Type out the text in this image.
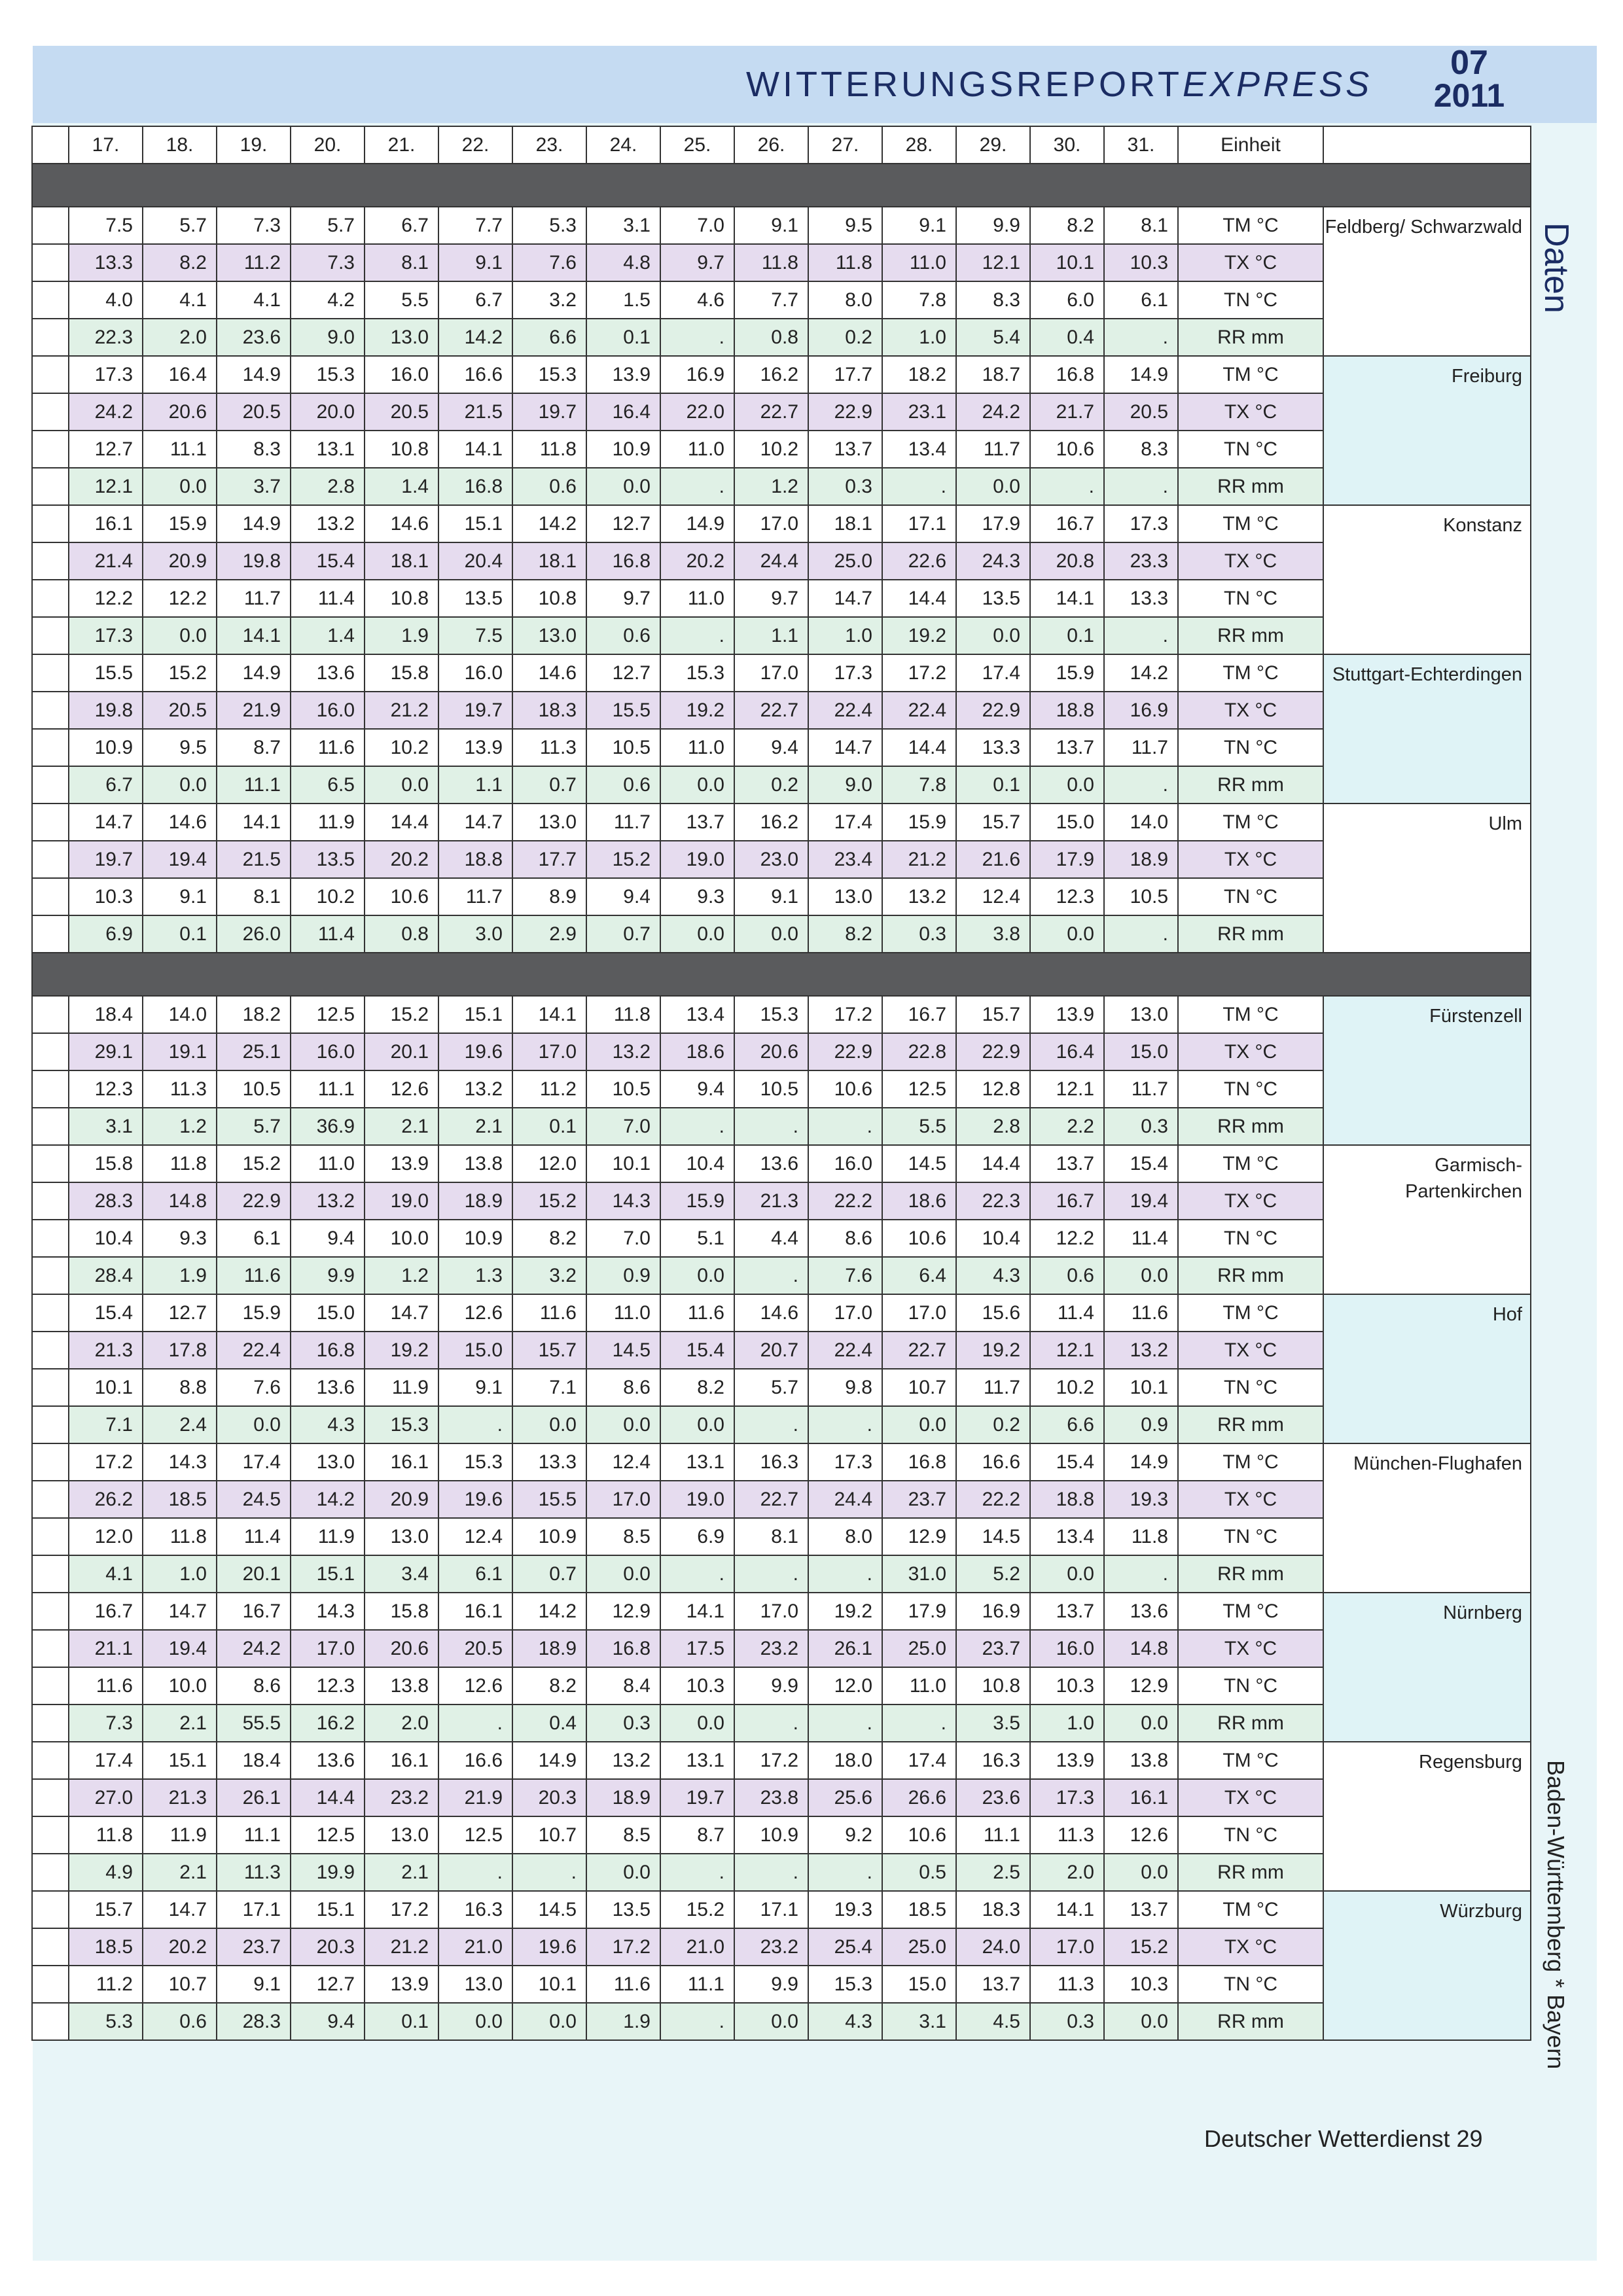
WITTERUNGSREPORTEXPRESS
07
2011
	17.	18.	19.	20.	21.	22.	23.	24.	25.	26.	27.	28.	29.	30.	31.	Einheit	

	7.5	5.7	7.3	5.7	6.7	7.7	5.3	3.1	7.0	9.1	9.5	9.1	9.9	8.2	8.1	TM °C	Feldberg/ Schwarzwald
	13.3	8.2	11.2	7.3	8.1	9.1	7.6	4.8	9.7	11.8	11.8	11.0	12.1	10.1	10.3	TX °C	
	4.0	4.1	4.1	4.2	5.5	6.7	3.2	1.5	4.6	7.7	8.0	7.8	8.3	6.0	6.1	TN °C	
	22.3	2.0	23.6	9.0	13.0	14.2	6.6	0.1	.	0.8	0.2	1.0	5.4	0.4	.	RR mm	
	17.3	16.4	14.9	15.3	16.0	16.6	15.3	13.9	16.9	16.2	17.7	18.2	18.7	16.8	14.9	TM °C	Freiburg
	24.2	20.6	20.5	20.0	20.5	21.5	19.7	16.4	22.0	22.7	22.9	23.1	24.2	21.7	20.5	TX °C	
	12.7	11.1	8.3	13.1	10.8	14.1	11.8	10.9	11.0	10.2	13.7	13.4	11.7	10.6	8.3	TN °C	
	12.1	0.0	3.7	2.8	1.4	16.8	0.6	0.0	.	1.2	0.3	.	0.0	.	.	RR mm	
	16.1	15.9	14.9	13.2	14.6	15.1	14.2	12.7	14.9	17.0	18.1	17.1	17.9	16.7	17.3	TM °C	Konstanz
	21.4	20.9	19.8	15.4	18.1	20.4	18.1	16.8	20.2	24.4	25.0	22.6	24.3	20.8	23.3	TX °C	
	12.2	12.2	11.7	11.4	10.8	13.5	10.8	9.7	11.0	9.7	14.7	14.4	13.5	14.1	13.3	TN °C	
	17.3	0.0	14.1	1.4	1.9	7.5	13.0	0.6	.	1.1	1.0	19.2	0.0	0.1	.	RR mm	
	15.5	15.2	14.9	13.6	15.8	16.0	14.6	12.7	15.3	17.0	17.3	17.2	17.4	15.9	14.2	TM °C	Stuttgart-Echterdingen
	19.8	20.5	21.9	16.0	21.2	19.7	18.3	15.5	19.2	22.7	22.4	22.4	22.9	18.8	16.9	TX °C	
	10.9	9.5	8.7	11.6	10.2	13.9	11.3	10.5	11.0	9.4	14.7	14.4	13.3	13.7	11.7	TN °C	
	6.7	0.0	11.1	6.5	0.0	1.1	0.7	0.6	0.0	0.2	9.0	7.8	0.1	0.0	.	RR mm	
	14.7	14.6	14.1	11.9	14.4	14.7	13.0	11.7	13.7	16.2	17.4	15.9	15.7	15.0	14.0	TM °C	Ulm
	19.7	19.4	21.5	13.5	20.2	18.8	17.7	15.2	19.0	23.0	23.4	21.2	21.6	17.9	18.9	TX °C	
	10.3	9.1	8.1	10.2	10.6	11.7	8.9	9.4	9.3	9.1	13.0	13.2	12.4	12.3	10.5	TN °C	
	6.9	0.1	26.0	11.4	0.8	3.0	2.9	0.7	0.0	0.0	8.2	0.3	3.8	0.0	.	RR mm	

	18.4	14.0	18.2	12.5	15.2	15.1	14.1	11.8	13.4	15.3	17.2	16.7	15.7	13.9	13.0	TM °C	Fürstenzell
	29.1	19.1	25.1	16.0	20.1	19.6	17.0	13.2	18.6	20.6	22.9	22.8	22.9	16.4	15.0	TX °C	
	12.3	11.3	10.5	11.1	12.6	13.2	11.2	10.5	9.4	10.5	10.6	12.5	12.8	12.1	11.7	TN °C	
	3.1	1.2	5.7	36.9	2.1	2.1	0.1	7.0	.	.	.	5.5	2.8	2.2	0.3	RR mm	
	15.8	11.8	15.2	11.0	13.9	13.8	12.0	10.1	10.4	13.6	16.0	14.5	14.4	13.7	15.4	TM °C	Garmisch- Partenkirchen
	28.3	14.8	22.9	13.2	19.0	18.9	15.2	14.3	15.9	21.3	22.2	18.6	22.3	16.7	19.4	TX °C	
	10.4	9.3	6.1	9.4	10.0	10.9	8.2	7.0	5.1	4.4	8.6	10.6	10.4	12.2	11.4	TN °C	
	28.4	1.9	11.6	9.9	1.2	1.3	3.2	0.9	0.0	.	7.6	6.4	4.3	0.6	0.0	RR mm	
	15.4	12.7	15.9	15.0	14.7	12.6	11.6	11.0	11.6	14.6	17.0	17.0	15.6	11.4	11.6	TM °C	Hof
	21.3	17.8	22.4	16.8	19.2	15.0	15.7	14.5	15.4	20.7	22.4	22.7	19.2	12.1	13.2	TX °C	
	10.1	8.8	7.6	13.6	11.9	9.1	7.1	8.6	8.2	5.7	9.8	10.7	11.7	10.2	10.1	TN °C	
	7.1	2.4	0.0	4.3	15.3	.	0.0	0.0	0.0	.	.	0.0	0.2	6.6	0.9	RR mm	
	17.2	14.3	17.4	13.0	16.1	15.3	13.3	12.4	13.1	16.3	17.3	16.8	16.6	15.4	14.9	TM °C	München-Flughafen
	26.2	18.5	24.5	14.2	20.9	19.6	15.5	17.0	19.0	22.7	24.4	23.7	22.2	18.8	19.3	TX °C	
	12.0	11.8	11.4	11.9	13.0	12.4	10.9	8.5	6.9	8.1	8.0	12.9	14.5	13.4	11.8	TN °C	
	4.1	1.0	20.1	15.1	3.4	6.1	0.7	0.0	.	.	.	31.0	5.2	0.0	.	RR mm	
	16.7	14.7	16.7	14.3	15.8	16.1	14.2	12.9	14.1	17.0	19.2	17.9	16.9	13.7	13.6	TM °C	Nürnberg
	21.1	19.4	24.2	17.0	20.6	20.5	18.9	16.8	17.5	23.2	26.1	25.0	23.7	16.0	14.8	TX °C	
	11.6	10.0	8.6	12.3	13.8	12.6	8.2	8.4	10.3	9.9	12.0	11.0	10.8	10.3	12.9	TN °C	
	7.3	2.1	55.5	16.2	2.0	.	0.4	0.3	0.0	.	.	.	3.5	1.0	0.0	RR mm	
	17.4	15.1	18.4	13.6	16.1	16.6	14.9	13.2	13.1	17.2	18.0	17.4	16.3	13.9	13.8	TM °C	Regensburg
	27.0	21.3	26.1	14.4	23.2	21.9	20.3	18.9	19.7	23.8	25.6	26.6	23.6	17.3	16.1	TX °C	
	11.8	11.9	11.1	12.5	13.0	12.5	10.7	8.5	8.7	10.9	9.2	10.6	11.1	11.3	12.6	TN °C	
	4.9	2.1	11.3	19.9	2.1	.	.	0.0	.	.	.	0.5	2.5	2.0	0.0	RR mm	
	15.7	14.7	17.1	15.1	17.2	16.3	14.5	13.5	15.2	17.1	19.3	18.5	18.3	14.1	13.7	TM °C	Würzburg
	18.5	20.2	23.7	20.3	21.2	21.0	19.6	17.2	21.0	23.2	25.4	25.0	24.0	17.0	15.2	TX °C	
	11.2	10.7	9.1	12.7	13.9	13.0	10.1	11.6	11.1	9.9	15.3	15.0	13.7	11.3	10.3	TN °C	
	5.3	0.6	28.3	9.4	0.1	0.0	0.0	1.9	.	0.0	4.3	3.1	4.5	0.3	0.0	RR mm	
Daten
Baden-Württemberg * Bayern
Deutscher Wetterdienst 29
